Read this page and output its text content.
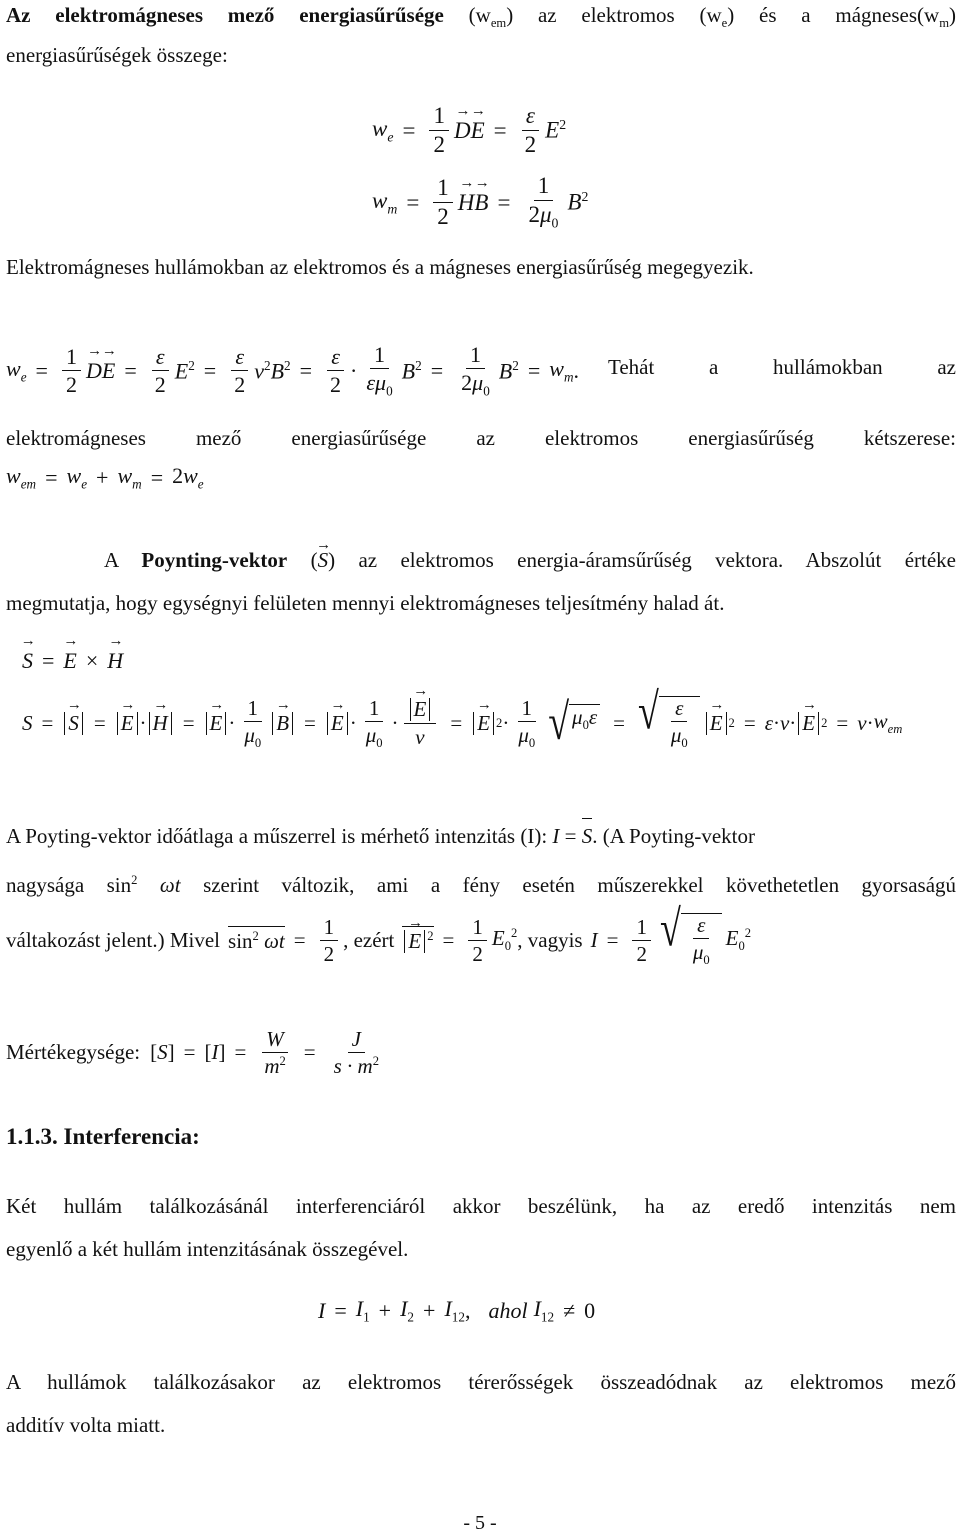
Az elektromágneses mező energiasűrűsége $(w_{em})$ az elektromos $(w_e)$ és a $mágneses(w_m)$

energiasűrűségek összege:

$w_e = \frac{1}{2}$
→ $D\to E = \frac{\varepsilon}{2} E^2$
$w_m = \frac{1}{2}$
→ $H\to B = \frac{1}{2\mu_0} B^2$

Elektromágneses hullámokban az elektromos és a mágneses energiasűrűség megegyezik.

$w_e = \frac{1}{2}$
→ $D\to E = \frac{\varepsilon}{2} E^2 = \frac{\varepsilon}{2} v^2B^2 = \frac{\varepsilon}{2} \cdot \frac{1}{\varepsilon\mu_0} B^2 = \frac{1}{2\mu_0} B^2 = w_m$ . Tehát a hullámokban az

elektromágneses mező energiasűrűsége az elektromos energiasűrűség kétszerese:

$w_{em} = w_e + w_m = 2w_e$

A Poynting-vektor (→ S) az elektromos energia-áramsűrűség vektora. Abszolút értéke

megmutatja, hogy egységnyi felületen mennyi elektromágneses teljesítmény halad át.

→ S =
→ E ×
→ H
S =
→ S =
→ E ·
→ H =
→ $E \cdot \frac{1}{\mu_0}$
→ B =
→ $E \cdot \frac{1}{\mu_0}$ ·
→ $\frac{E}{v}$ =
→ E $2 \cdot \frac{1}{\mu_0}$ √ $\mu_0\varepsilon$ = √ $\frac{\varepsilon}{\mu_0}$
→ E 2 = ε · v ·
→ E $2 = v \cdot w_{em}$

A Poyting-vektor időátlaga a műszerrel is mérhető intenzitás (I): I = S. (A Poyting-vektor

nagysága $\sin^2 \omega t$ szerint változik, ami a fény esetén műszerekkel követhetetlen gyorsaságú

váltakozást jelent.) Mivel $\sin^2 \omega t = \frac{1}{2}$ , ezért
→ E $^2 = \frac{1}{2} E_0^2$ , vagyis $I = \frac{1}{2}$ √ $\frac{\varepsilon}{\mu_0} E_0^2$
Mértékegysége: [ S ] = [ I ] = $\frac{W}{m^2} = \frac{J}{s \cdot m^2}$
1.1.3. Interferencia:

Két hullám találkozásánál interferenciáról akkor beszélünk, ha az eredő intenzitás nem

egyenlő a két hullám intenzitásának összegével.

$I = I_1 + I_2 + I_{12}$ , ahol $I_{12} \ne 0$

A hullámok találkozásakor az elektromos térerősségek összeadódnak az elektromos mező

additív volta miatt.

- 5 -
